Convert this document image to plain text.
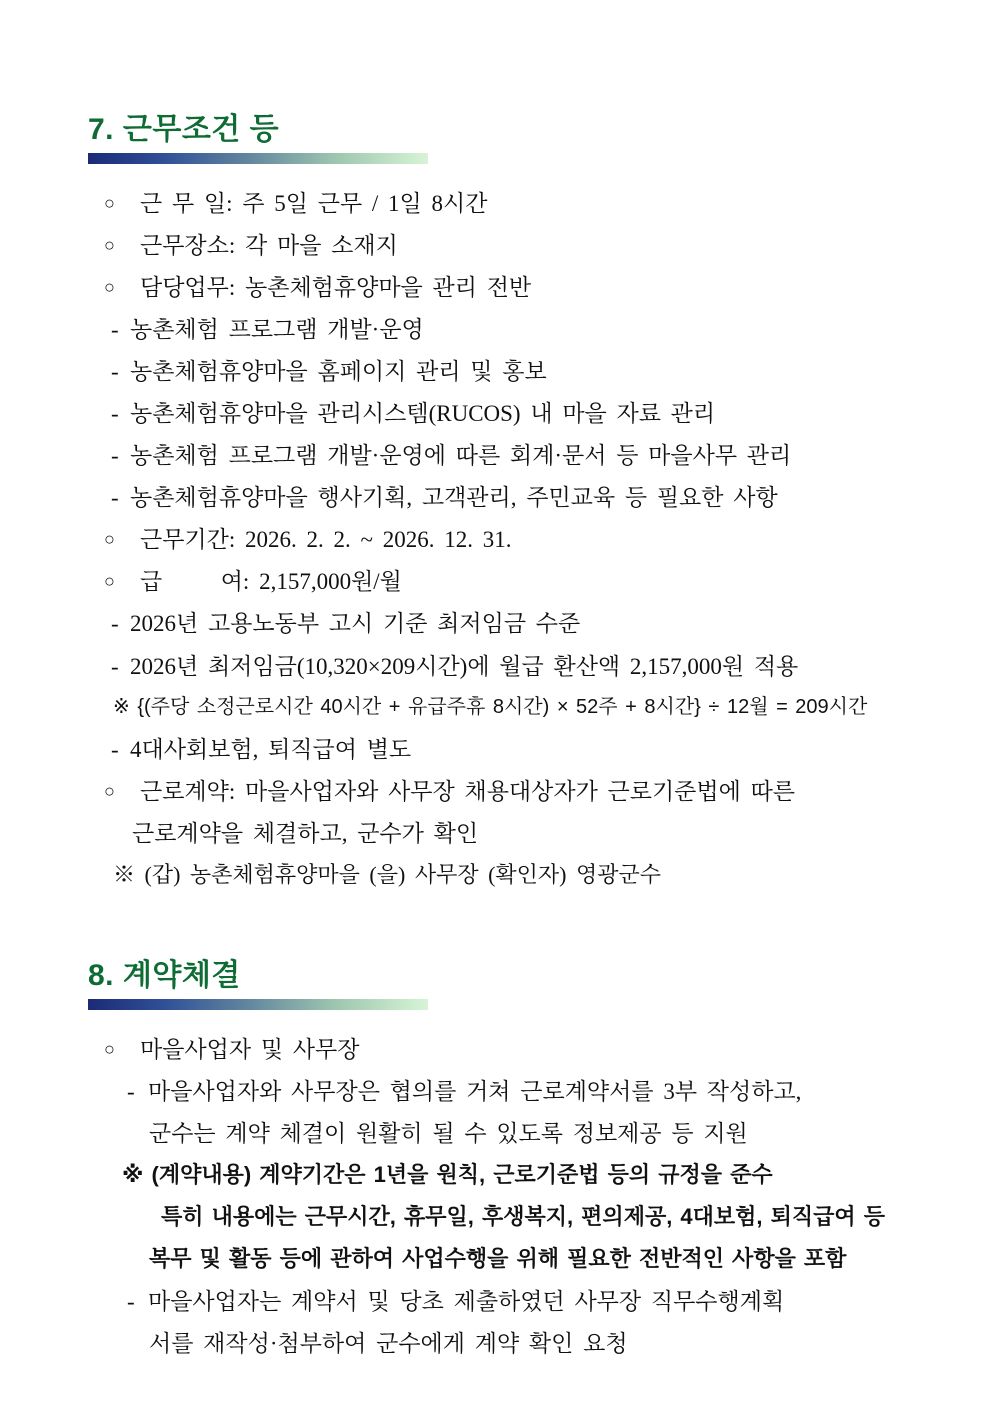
7. 근무조건 등
○	근 무 일: 주 5일 근무 / 1일 8시간
○	근무장소: 각 마을 소재지
○	담당업무: 농촌체험휴양마을 관리 전반
- 농촌체험 프로그램 개발·운영
- 농촌체험휴양마을 홈페이지 관리 및 홍보
- 농촌체험휴양마을 관리시스템(RUCOS) 내 마을 자료 관리
- 농촌체험 프로그램 개발·운영에 따른 회계·문서 등 마을사무 관리
- 농촌체험휴양마을 행사기획, 고객관리, 주민교육 등 필요한 사항
○	근무기간: 2026. 2. 2. ~ 2026. 12. 31.
○	급      여: 2,157,000원/월
- 2026년 고용노동부 고시 기준 최저임금 수준
- 2026년 최저임금(10,320×209시간)에 월급 환산액 2,157,000원 적용
※ {(주당 소정근로시간 40시간 + 유급주휴 8시간) × 52주 + 8시간} ÷ 12월 = 209시간
- 4대사회보험, 퇴직급여 별도
○	근로계약: 마을사업자와 사무장 채용대상자가 근로기준법에 따른
근로계약을 체결하고, 군수가 확인
※ (갑) 농촌체험휴양마을 (을) 사무장 (확인자) 영광군수
8. 계약체결
○	마을사업자 및 사무장
- 마을사업자와 사무장은 협의를 거쳐 근로계약서를 3부 작성하고,
군수는 계약 체결이 원활히 될 수 있도록 정보제공 등 지원
※ (계약내용) 계약기간은 1년을 원칙, 근로기준법 등의 규정을 준수
특히 내용에는 근무시간, 휴무일, 후생복지, 편의제공, 4대보험, 퇴직급여 등
복무 및 활동 등에 관하여 사업수행을 위해 필요한 전반적인 사항을 포함
- 마을사업자는 계약서 및 당초 제출하였던 사무장 직무수행계획
서를 재작성·첨부하여 군수에게 계약 확인 요청
